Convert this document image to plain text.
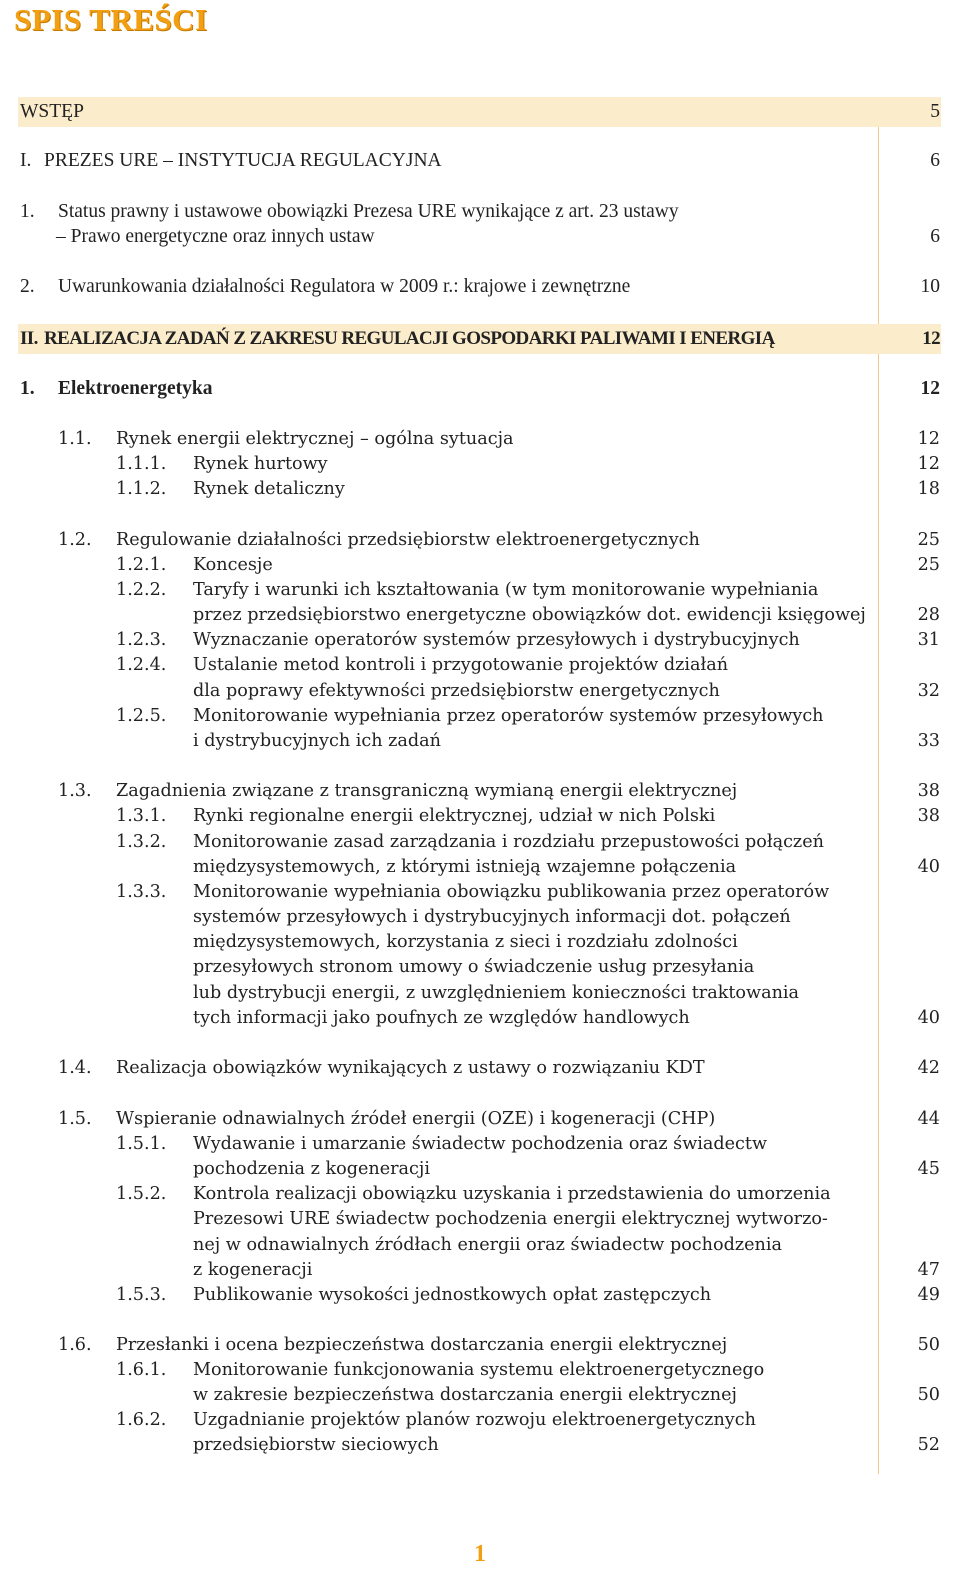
SPIS TREŚCI
WSTĘP	5
I. PREZES URE – INSTYTUCJA REGULACYJNA	6
1. Status prawny i ustawowe obowiązki Prezesa URE wynikające z art. 23 ustawy
– Prawo energetyczne oraz innych ustaw	6
2. Uwarunkowania działalności Regulatora w 2009 r.: krajowe i zewnętrzne	10
II. REALIZACJA ZADAŃ Z ZAKRESU REGULACJI GOSPODARKI PALIWAMI I ENERGIĄ	12
1. Elektroenergetyka	12
1.1. Rynek energii elektrycznej – ogólna sytuacja	12
1.1.1. Rynek hurtowy	12
1.1.2. Rynek detaliczny	18
1.2. Regulowanie działalności przedsiębiorstw elektroenergetycznych	25
1.2.1. Koncesje	25
1.2.2. Taryfy i warunki ich kształtowania (w tym monitorowanie wypełniania
przez przedsiębiorstwo energetyczne obowiązków dot. ewidencji księgowej	28
1.2.3. Wyznaczanie operatorów systemów przesyłowych i dystrybucyjnych	31
1.2.4. Ustalanie metod kontroli i przygotowanie projektów działań
dla poprawy efektywności przedsiębiorstw energetycznych	32
1.2.5. Monitorowanie wypełniania przez operatorów systemów przesyłowych
i dystrybucyjnych ich zadań	33
1.3. Zagadnienia związane z transgraniczną wymianą energii elektrycznej	38
1.3.1. Rynki regionalne energii elektrycznej, udział w nich Polski	38
1.3.2. Monitorowanie zasad zarządzania i rozdziału przepustowości połączeń
międzysystemowych, z którymi istnieją wzajemne połączenia	40
1.3.3. Monitorowanie wypełniania obowiązku publikowania przez operatorów
systemów przesyłowych i dystrybucyjnych informacji dot. połączeń
międzysystemowych, korzystania z sieci i rozdziału zdolności
przesyłowych stronom umowy o świadczenie usług przesyłania
lub dystrybucji energii, z uwzględnieniem konieczności traktowania
tych informacji jako poufnych ze względów handlowych	40
1.4. Realizacja obowiązków wynikających z ustawy o rozwiązaniu KDT	42
1.5. Wspieranie odnawialnych źródeł energii (OZE) i kogeneracji (CHP)	44
1.5.1. Wydawanie i umarzanie świadectw pochodzenia oraz świadectw
pochodzenia z kogeneracji	45
1.5.2. Kontrola realizacji obowiązku uzyskania i przedstawienia do umorzenia
Prezesowi URE świadectw pochodzenia energii elektrycznej wytworzo-
nej w odnawialnych źródłach energii oraz świadectw pochodzenia
z kogeneracji	47
1.5.3. Publikowanie wysokości jednostkowych opłat zastępczych	49
1.6. Przesłanki i ocena bezpieczeństwa dostarczania energii elektrycznej	50
1.6.1. Monitorowanie funkcjonowania systemu elektroenergetycznego
w zakresie bezpieczeństwa dostarczania energii elektrycznej	50
1.6.2. Uzgadnianie projektów planów rozwoju elektroenergetycznych
przedsiębiorstw sieciowych	52
1
